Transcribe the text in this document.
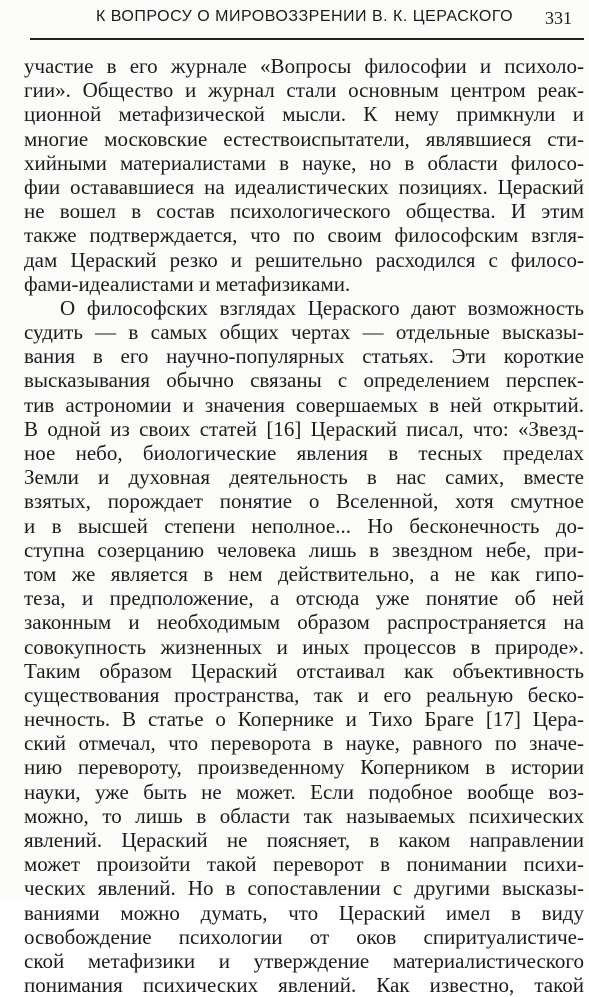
К ВОПРОСУ О МИРОВОЗЗРЕНИИ В. К. ЦЕРАСКОГО 331
участие в его журнале «Вопросы философии и психоло-
гии». Общество и журнал стали основным центром реак-
ционной метафизической мысли. К нему примкнули и
многие московские естествоиспытатели, являвшиеся сти-
хийными материалистами в науке, но в области филосо-
фии остававшиеся на идеалистических позициях. Цераский
не вошел в состав психологического общества. И этим
также подтверждается, что по своим философским взгля-
дам Цераский резко и решительно расходился с филосо-
фами-идеалистами и метафизиками.
О философских взглядах Цераского дают возможность
судить — в самых общих чертах — отдельные высказы-
вания в его научно-популярных статьях. Эти короткие
высказывания обычно связаны с определением перспек-
тив астрономии и значения совершаемых в ней открытий.
В одной из своих статей [16] Цераский писал, что: «Звезд-
ное небо, биологические явления в тесных пределах
Земли и духовная деятельность в нас самих, вместе
взятых, порождает понятие о Вселенной, хотя смутное
и в высшей степени неполное... Но бесконечность до-
ступна созерцанию человека лишь в звездном небе, при-
том же является в нем действительно, а не как гипо-
теза, и предположение, а отсюда уже понятие об ней
законным и необходимым образом распространяется на
совокупность жизненных и иных процессов в природе».
Таким образом Цераский отстаивал как объективность
существования пространства, так и его реальную беско-
нечность. В статье о Копернике и Тихо Браге [17] Цера-
ский отмечал, что переворота в науке, равного по значе-
нию перевороту, произведенному Коперником в истории
науки, уже быть не может. Если подобное вообще воз-
можно, то лишь в области так называемых психических
явлений. Цераский не поясняет, в каком направлении
может произойти такой переворот в понимании психи-
ческих явлений. Но в сопоставлении с другими высказы-
ваниями можно думать, что Цераский имел в виду
освобождение психологии от оков спиритуалистиче-
ской метафизики и утверждение материалистического
понимания психических явлений. Как известно, такой
